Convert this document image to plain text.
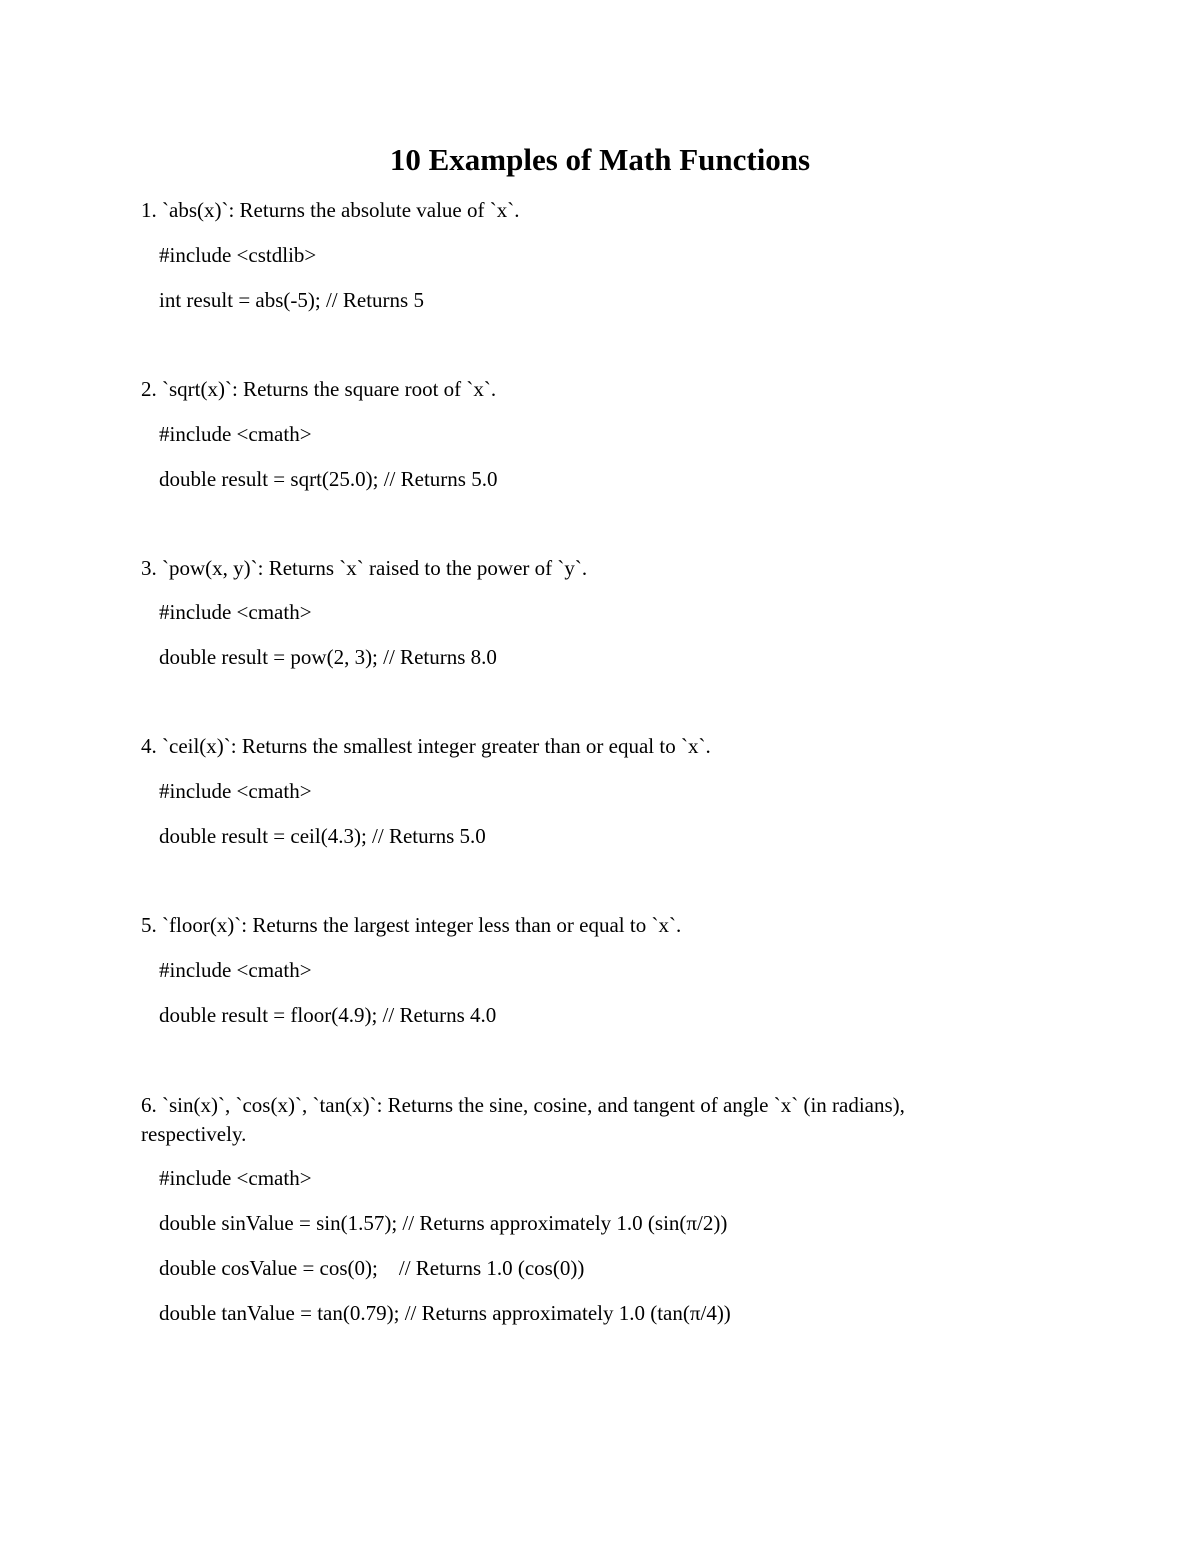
10 Examples of Math Functions

1. `abs(x)`: Returns the absolute value of `x`.

#include <cstdlib>

int result = abs(-5); // Returns 5

2. `sqrt(x)`: Returns the square root of `x`.

#include <cmath>

double result = sqrt(25.0); // Returns 5.0

3. `pow(x, y)`: Returns `x` raised to the power of `y`.

#include <cmath>

double result = pow(2, 3); // Returns 8.0

4. `ceil(x)`: Returns the smallest integer greater than or equal to `x`.

#include <cmath>

double result = ceil(4.3); // Returns 5.0

5. `floor(x)`: Returns the largest integer less than or equal to `x`.

#include <cmath>

double result = floor(4.9); // Returns 4.0

6. `sin(x)`, `cos(x)`, `tan(x)`: Returns the sine, cosine, and tangent of angle `x` (in radians),

respectively.

#include <cmath>

double sinValue = sin(1.57); // Returns approximately 1.0 (sin(π/2))

double cosValue = cos(0);    // Returns 1.0 (cos(0))

double tanValue = tan(0.79); // Returns approximately 1.0 (tan(π/4))
